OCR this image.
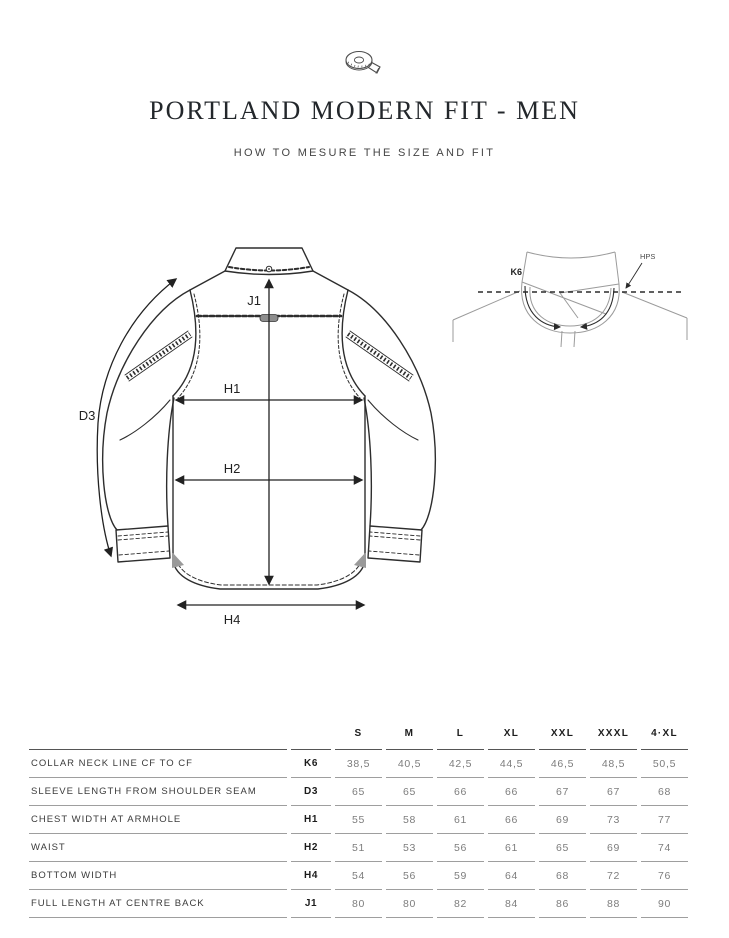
PORTLAND MODERN FIT - MEN

HOW TO MESURE THE SIZE AND FIT

J1
H1
H2
H4
D3
K6
HPS
		S	M	L	XL	XXL	XXXL	4·XL
COLLAR NECK LINE CF TO CF	K6	38,5	40,5	42,5	44,5	46,5	48,5	50,5
SLEEVE LENGTH FROM SHOULDER SEAM	D3	65	65	66	66	67	67	68
CHEST WIDTH AT ARMHOLE	H1	55	58	61	66	69	73	77
WAIST	H2	51	53	56	61	65	69	74
BOTTOM WIDTH	H4	54	56	59	64	68	72	76
FULL LENGTH AT CENTRE BACK	J1	80	80	82	84	86	88	90
